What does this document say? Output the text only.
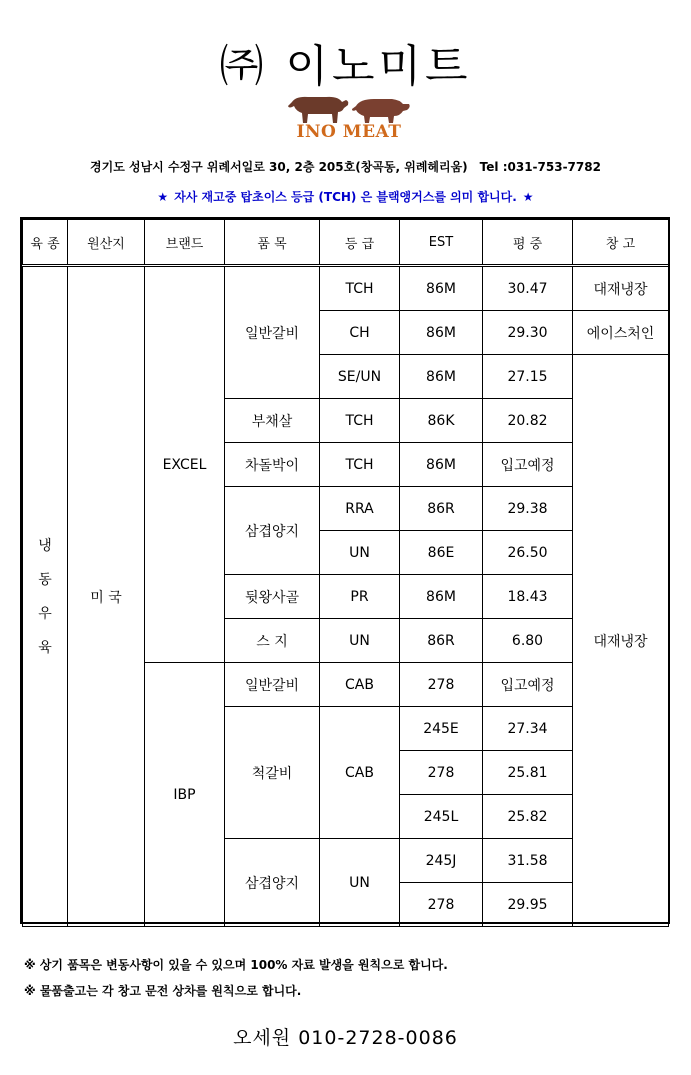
㈜ 이노미트
INO MEAT
경기도 성남시 수정구 위례서일로 30, 2층 205호(창곡동, 위례헤리움) Tel :031-753-7782
★ 자사 재고중 탑초이스 등급 (TCH) 은 블랙앵거스를 의미 합니다. ★
육 종	원산지	브랜드	품 목	등 급	EST	평 중	창 고

냉
동
우
육	미 국	EXCEL	일반갈비	TCH	86M	30.47	대재냉장
				CH	86M	29.30	에이스처인
				SE/UN	86M	27.15	대재냉장
			부채살	TCH	86K	20.82	
			차돌박이	TCH	86M	입고예정	
			삼겹양지	RRA	86R	29.38	
				UN	86E	26.50	
			뒷왕사골	PR	86M	18.43	
			스 지	UN	86R	6.80	
		IBP	일반갈비	CAB	278	입고예정	
			척갈비	CAB	245E	27.34	
					278	25.81	
					245L	25.82	
			삼겹양지	UN	245J	31.58	
					278	29.95	
※ 상기 품목은 변동사항이 있을 수 있으며 100% 자료 발생을 원칙으로 합니다.
※ 물품출고는 각 창고 문전 상차를 원칙으로 합니다.
오세원 010-2728-0086
